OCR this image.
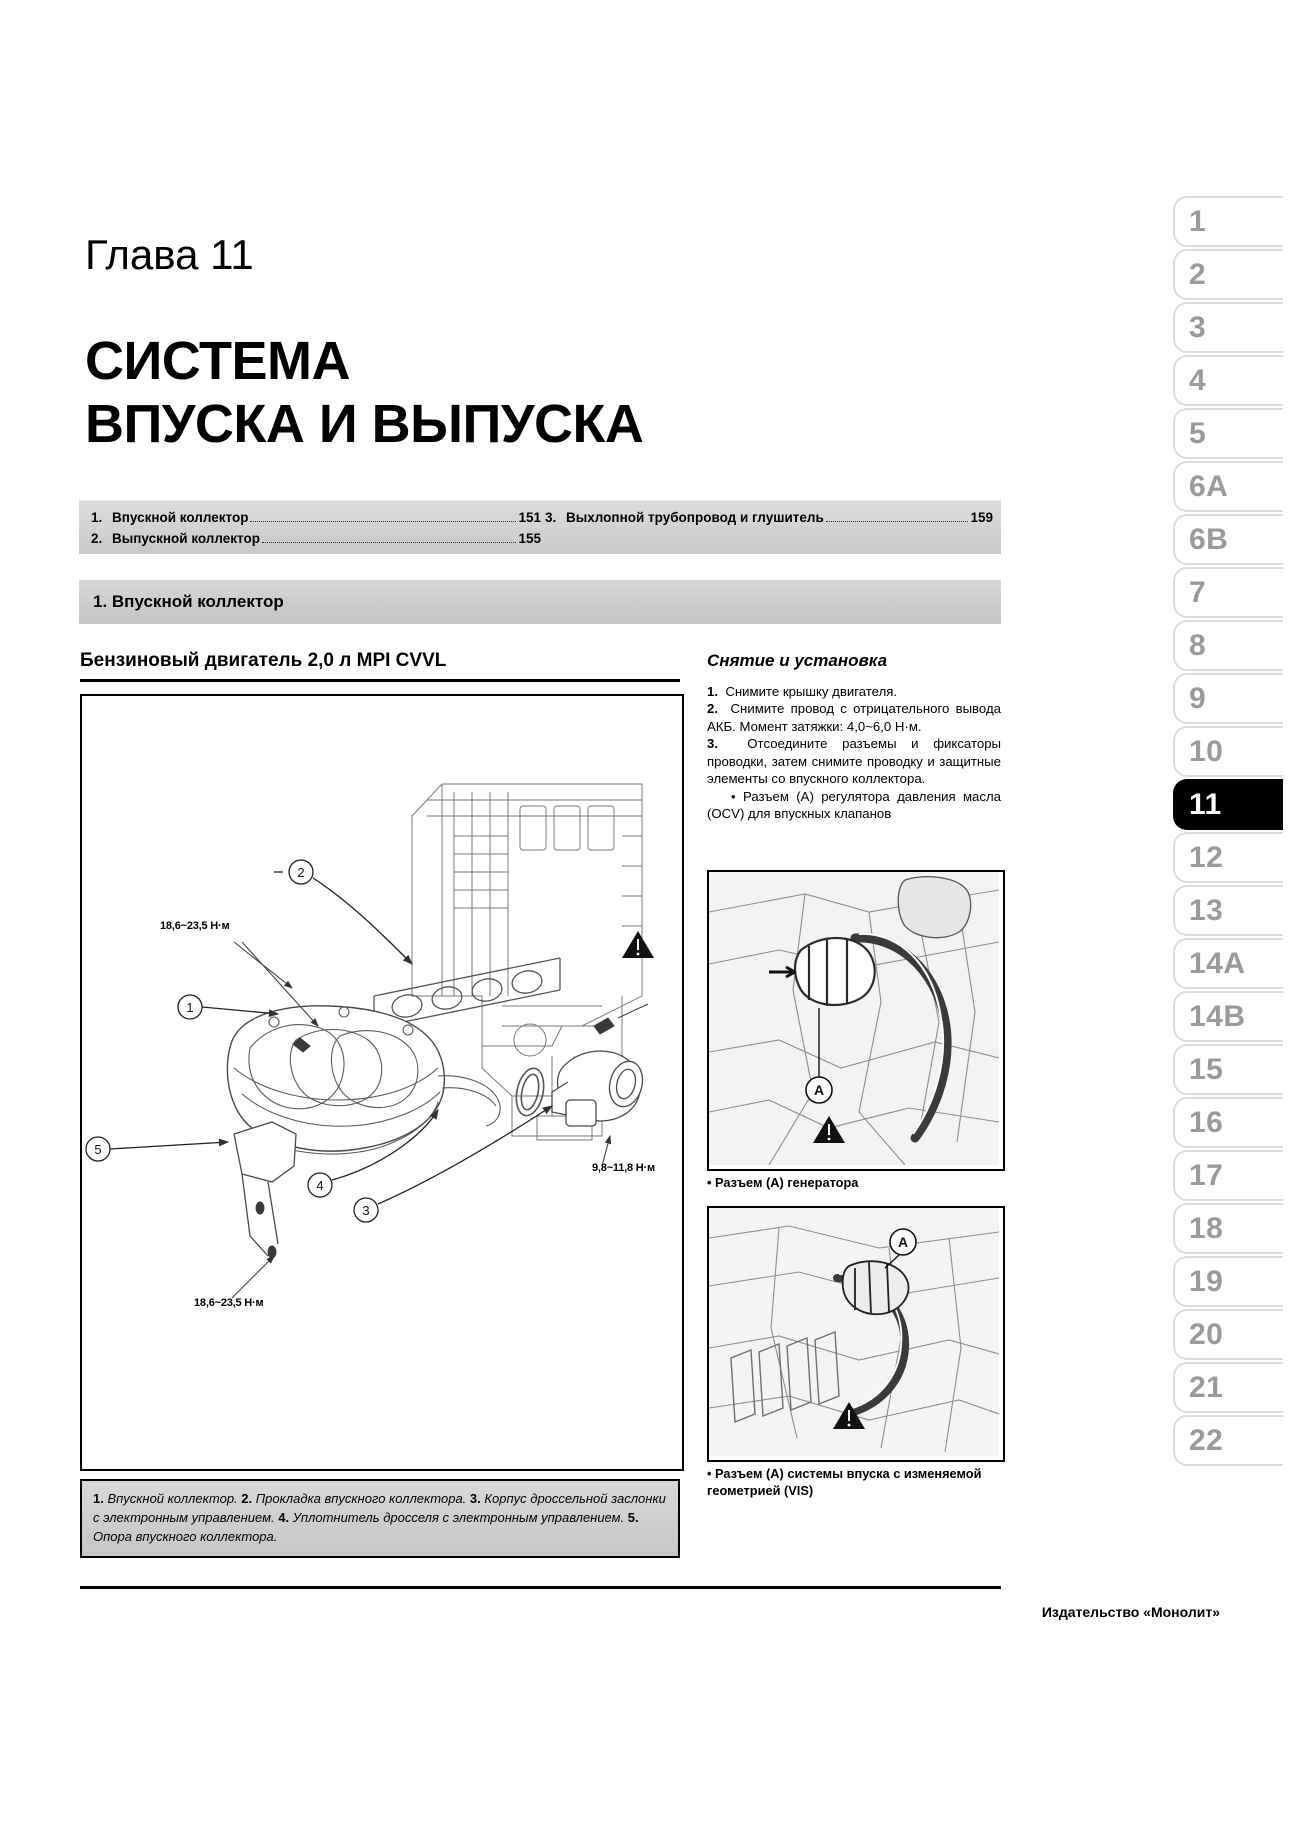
1
2
3
4
5
6A
6B
7
8
9
10
11
12
13
14A
14B
15
16
17
18
19
20
21
22
Глава 11
СИСТЕМА
ВПУСКА И ВЫПУСКА
1. Впускной коллектор	151
2. Выпускной коллектор	155
3. Выхлопной трубопровод и глушитель	159
1. Впускной коллектор
Бензиновый двигатель 2,0 л MPI CVVL
2
1
5
4
3
18,6~23,5 Н·м
18,6~23,5 Н·м
9,8~11,8 Н·м
1. Впускной коллектор. 2. Прокладка впускного коллектора. 3. Корпус дроссельной заслонки с электронным управлением. 4. Уплотнитель дросселя с электронным управлением. 5. Опора впускного коллектора.
Снятие и установка

1. Снимите крышку двигателя.

2. Снимите провод с отрицательного вывода АКБ. Момент затяжки: 4,0~6,0 Н·м.

3. Отсоедините разъемы и фиксаторы проводки, затем снимите проводку и защитные элементы со впускного коллектора.

• Разъем (А) регулятора давления масла (OCV) для впускных клапанов

A
• Разъем (А) генератора
A
• Разъем (А) системы впуска с изменяемой геометрией (VIS)
Издательство «Монолит»
